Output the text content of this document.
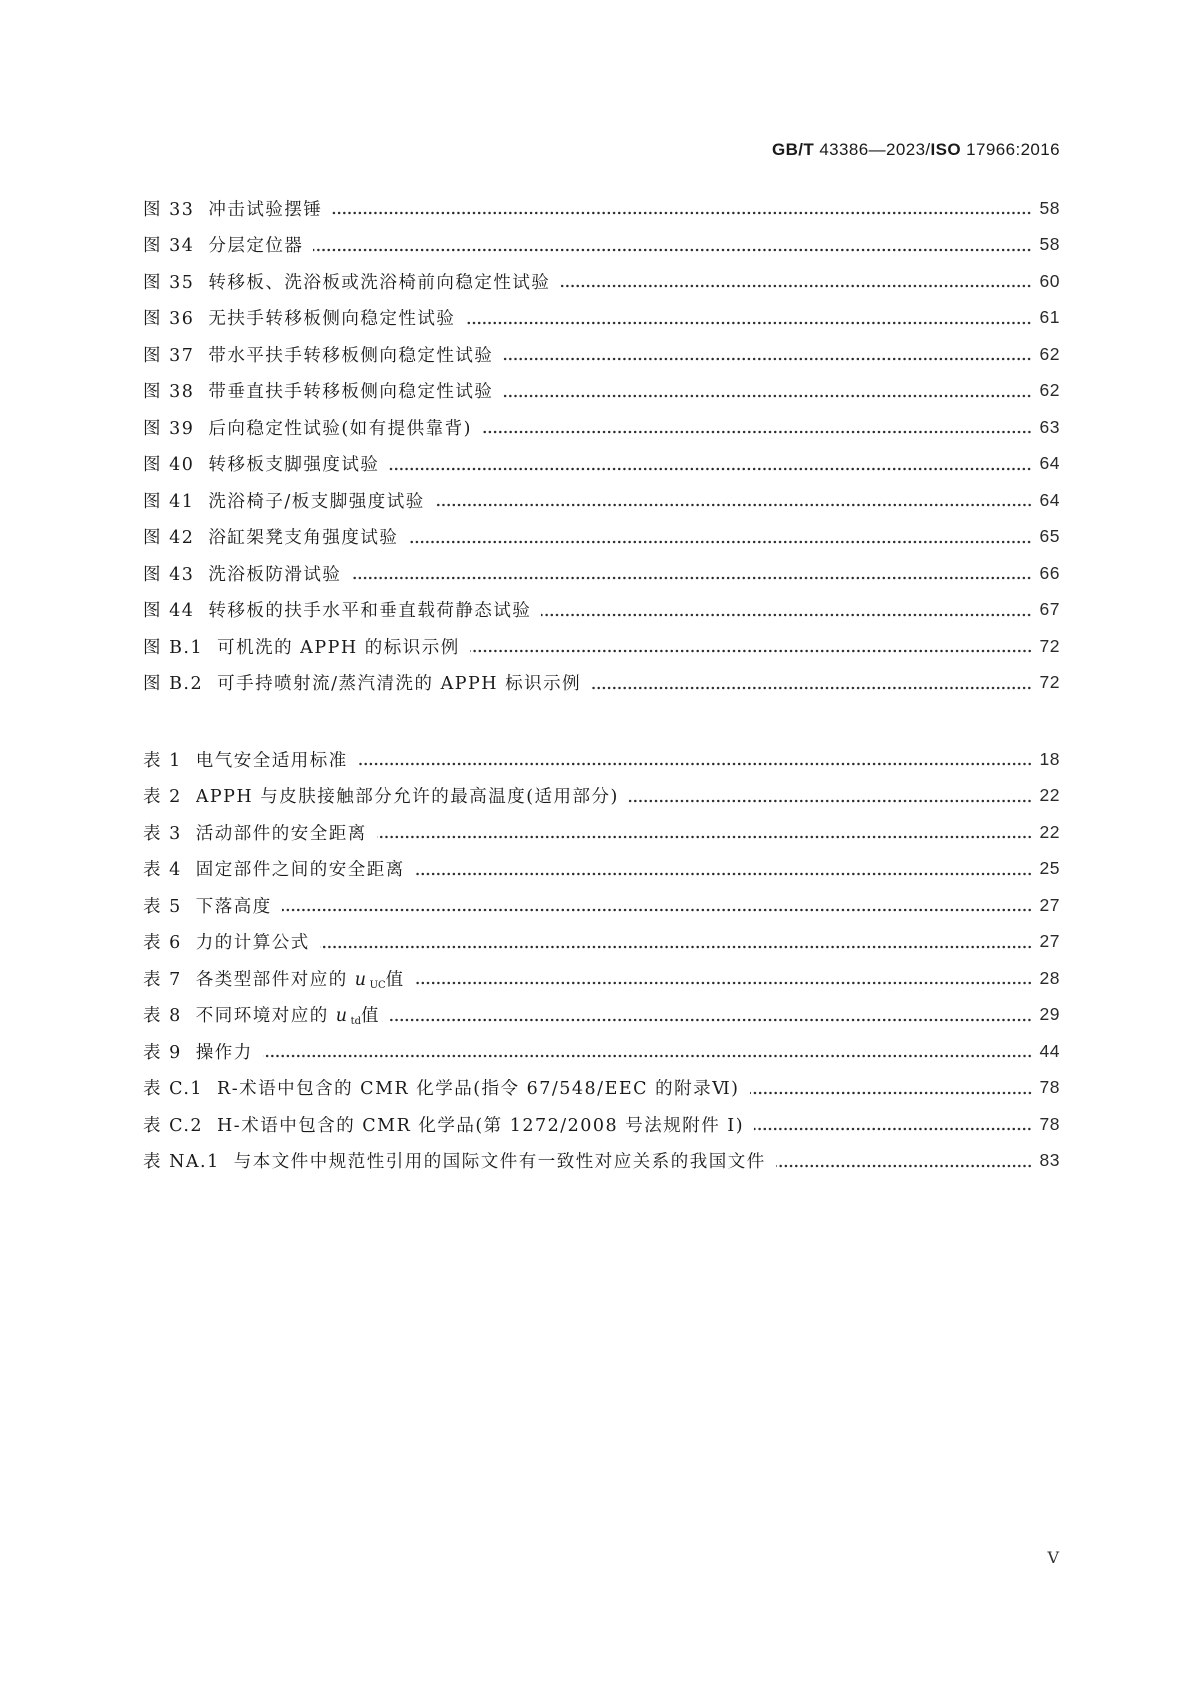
GB/T 43386—2023/ISO 17966:2016
图 33 冲击试验摆锤	58
图 34 分层定位器	58
图 35 转移板、洗浴板或洗浴椅前向稳定性试验	60
图 36 无扶手转移板侧向稳定性试验	61
图 37 带水平扶手转移板侧向稳定性试验	62
图 38 带垂直扶手转移板侧向稳定性试验	62
图 39 后向稳定性试验(如有提供靠背)	63
图 40 转移板支脚强度试验	64
图 41 洗浴椅子/板支脚强度试验	64
图 42 浴缸架凳支角强度试验	65
图 43 洗浴板防滑试验	66
图 44 转移板的扶手水平和垂直载荷静态试验	67
图 B.1 可机洗的 APPH 的标识示例	72
图 B.2 可手持喷射流/蒸汽清洗的 APPH 标识示例	72
表 1 电气安全适用标准	18
表 2 APPH 与皮肤接触部分允许的最高温度(适用部分)	22
表 3 活动部件的安全距离	22
表 4 固定部件之间的安全距离	25
表 5 下落高度	27
表 6 力的计算公式	27
表 7 各类型部件对应的 u UC值	28
表 8 不同环境对应的 u td值	29
表 9 操作力	44
表 C.1 R-术语中包含的 CMR 化学品(指令 67/548/EEC 的附录Ⅵ)	78
表 C.2 H-术语中包含的 CMR 化学品(第 1272/2008 号法规附件 I)	78
表 NA.1 与本文件中规范性引用的国际文件有一致性对应关系的我国文件	83
V
